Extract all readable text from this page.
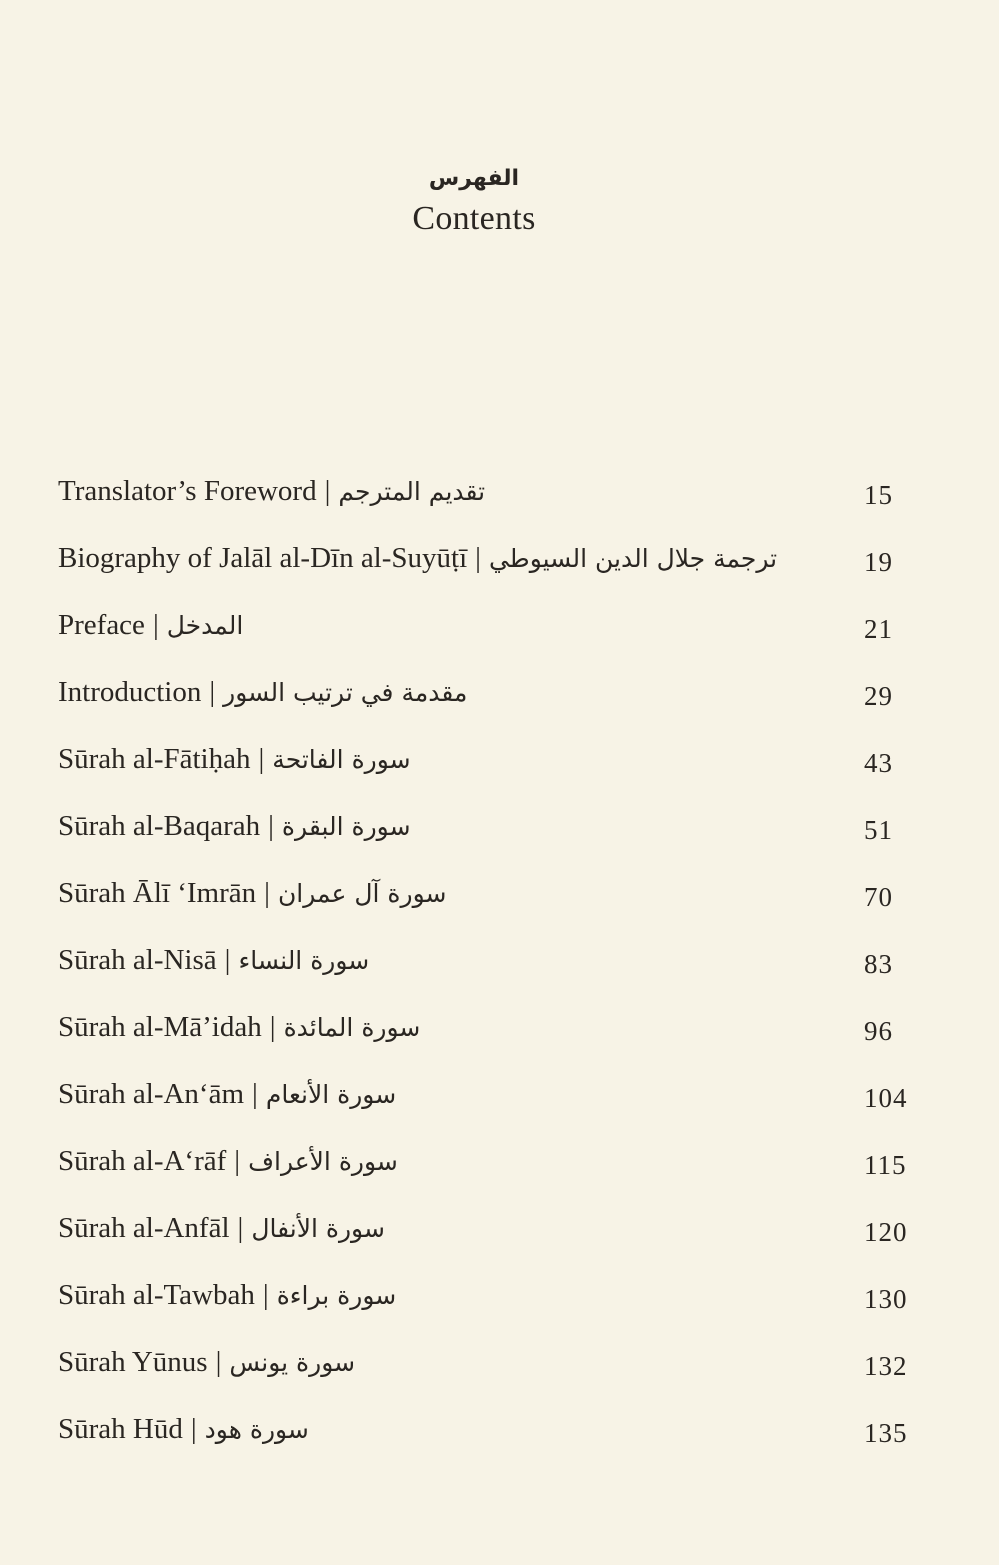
الفهرس
Contents
Translator’s Foreword | تقديم المترجم	15
Biography of Jalāl al-Dīn al-Suyūṭī | ترجمة جلال الدين السيوطي	19
Preface | المدخل	21
Introduction | مقدمة في ترتيب السور	29
Sūrah al-Fātiḥah | سورة الفاتحة	43
Sūrah al-Baqarah | سورة البقرة	51
Sūrah Ālī ‘Imrān | سورة آل عمران	70
Sūrah al-Nisā | سورة النساء	83
Sūrah al-Mā’idah | سورة المائدة	96
Sūrah al-An‘ām | سورة الأنعام	104
Sūrah al-A‘rāf | سورة الأعراف	115
Sūrah al-Anfāl | سورة الأنفال	120
Sūrah al-Tawbah | سورة براءة	130
Sūrah Yūnus | سورة يونس	132
Sūrah Hūd | سورة هود	135
